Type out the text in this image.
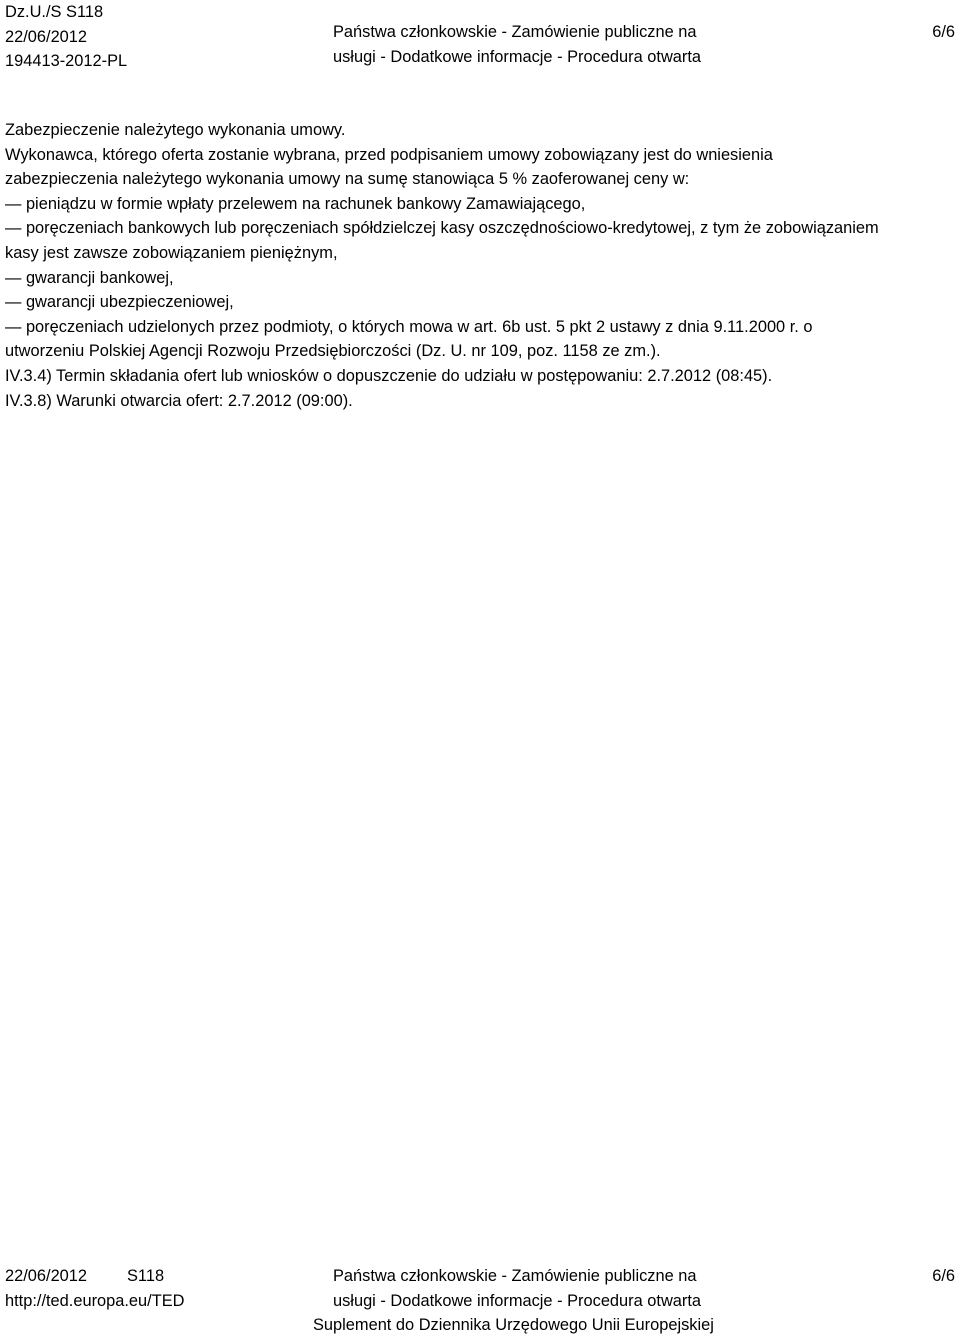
Dz.U./S S118
22/06/2012
194413-2012-PL
Państwa członkowskie - Zamówienie publiczne na
usługi - Dodatkowe informacje - Procedura otwarta
6/6
Zabezpieczenie należytego wykonania umowy.
Wykonawca, którego oferta zostanie wybrana, przed podpisaniem umowy zobowiązany jest do wniesienia
zabezpieczenia należytego wykonania umowy na sumę stanowiąca 5 % zaoferowanej ceny w:
— pieniądzu w formie wpłaty przelewem na rachunek bankowy Zamawiającego,
— poręczeniach bankowych lub poręczeniach spółdzielczej kasy oszczędnościowo-kredytowej, z tym że zobowiązaniem
kasy jest zawsze zobowiązaniem pieniężnym,
— gwarancji bankowej,
— gwarancji ubezpieczeniowej,
— poręczeniach udzielonych przez podmioty, o których mowa w art. 6b ust. 5 pkt 2 ustawy z dnia 9.11.2000 r. o
utworzeniu Polskiej Agencji Rozwoju Przedsiębiorczości (Dz. U. nr 109, poz. 1158 ze zm.).
IV.3.4) Termin składania ofert lub wniosków o dopuszczenie do udziału w postępowaniu: 2.7.2012 (08:45).
IV.3.8) Warunki otwarcia ofert: 2.7.2012 (09:00).
22/06/2012
http://ted.europa.eu/TED
S118	Państwa członkowskie - Zamówienie publiczne na
usługi - Dodatkowe informacje - Procedura otwarta
Suplement do Dziennika Urzędowego Unii Europejskiej
6/6
